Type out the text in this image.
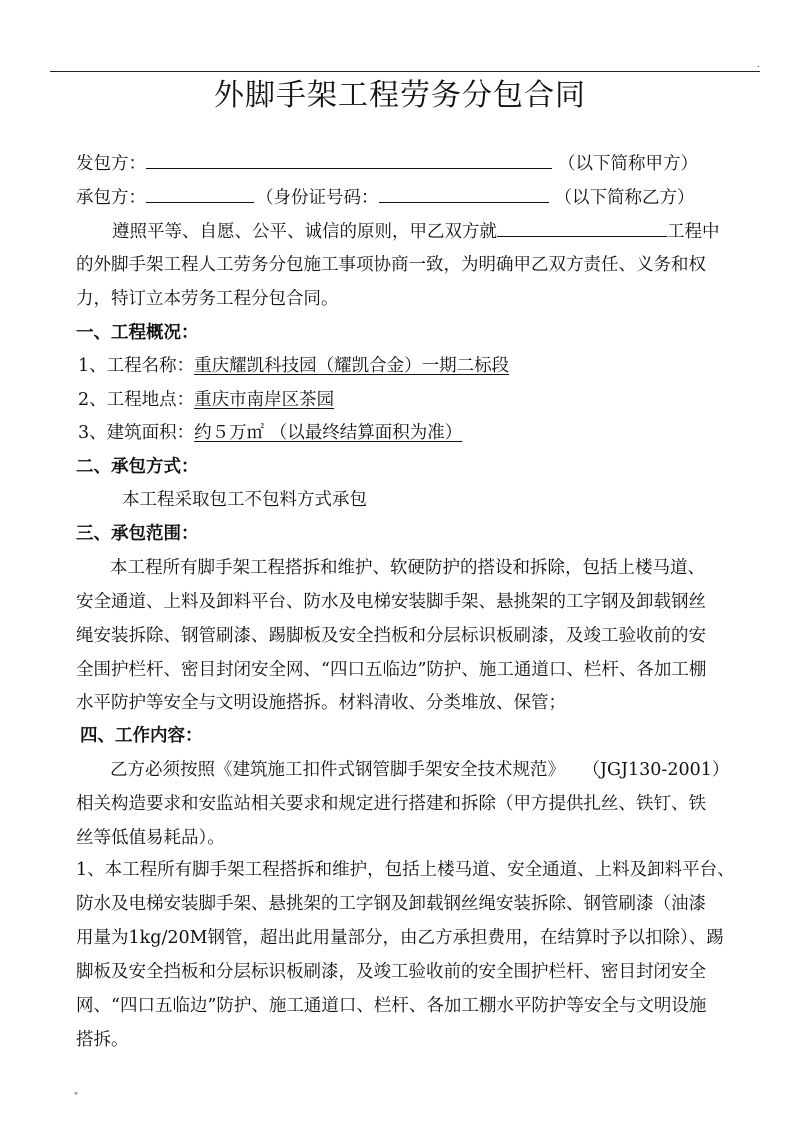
.
外脚手架工程劳务分包合同
发包方：	（以下简称甲方）
承包方：	（身份证号码：	（以下简称乙方）
遵照平等、自愿、公平、诚信的原则，甲乙双方就	工程中
的外脚手架工程人工劳务分包施工事项协商一致，为明确甲乙双方责任、义务和权
力，特订立本劳务工程分包合同。
一、工程概况：
1、工程名称：重庆耀凯科技园（耀凯合金）一期二标段
2、工程地点：重庆市南岸区茶园
3、建筑面积：约５万㎡ （以最终结算面积为准）
二、承包方式：
本工程采取包工不包料方式承包
三、承包范围：
本工程所有脚手架工程搭拆和维护、软硬防护的搭设和拆除，包括上楼马道、
安全通道、上料及卸料平台、防水及电梯安装脚手架、悬挑架的工字钢及卸载钢丝
绳安装拆除、钢管刷漆、踢脚板及安全挡板和分层标识板刷漆，及竣工验收前的安
全围护栏杆、密目封闭安全网、“四口五临边”防护、施工通道口、栏杆、各加工棚
水平防护等安全与文明设施搭拆。材料清收、分类堆放、保管；
四、工作内容：
乙方必须按照《建筑施工扣件式钢管脚手架安全技术规范》　　（JGJ130-2001）
相关构造要求和安监站相关要求和规定进行搭建和拆除（甲方提供扎丝、铁钉、铁
丝等低值易耗品）。
1、本工程所有脚手架工程搭拆和维护，包括上楼马道、安全通道、上料及卸料平台、
防水及电梯安装脚手架、悬挑架的工字钢及卸载钢丝绳安装拆除、钢管刷漆（油漆
用量为1kg/20M钢管，超出此用量部分，由乙方承担费用，在结算时予以扣除）、踢
脚板及安全挡板和分层标识板刷漆，及竣工验收前的安全围护栏杆、密目封闭安全
网、“四口五临边”防护、施工通道口、栏杆、各加工棚水平防护等安全与文明设施
搭拆。
"
